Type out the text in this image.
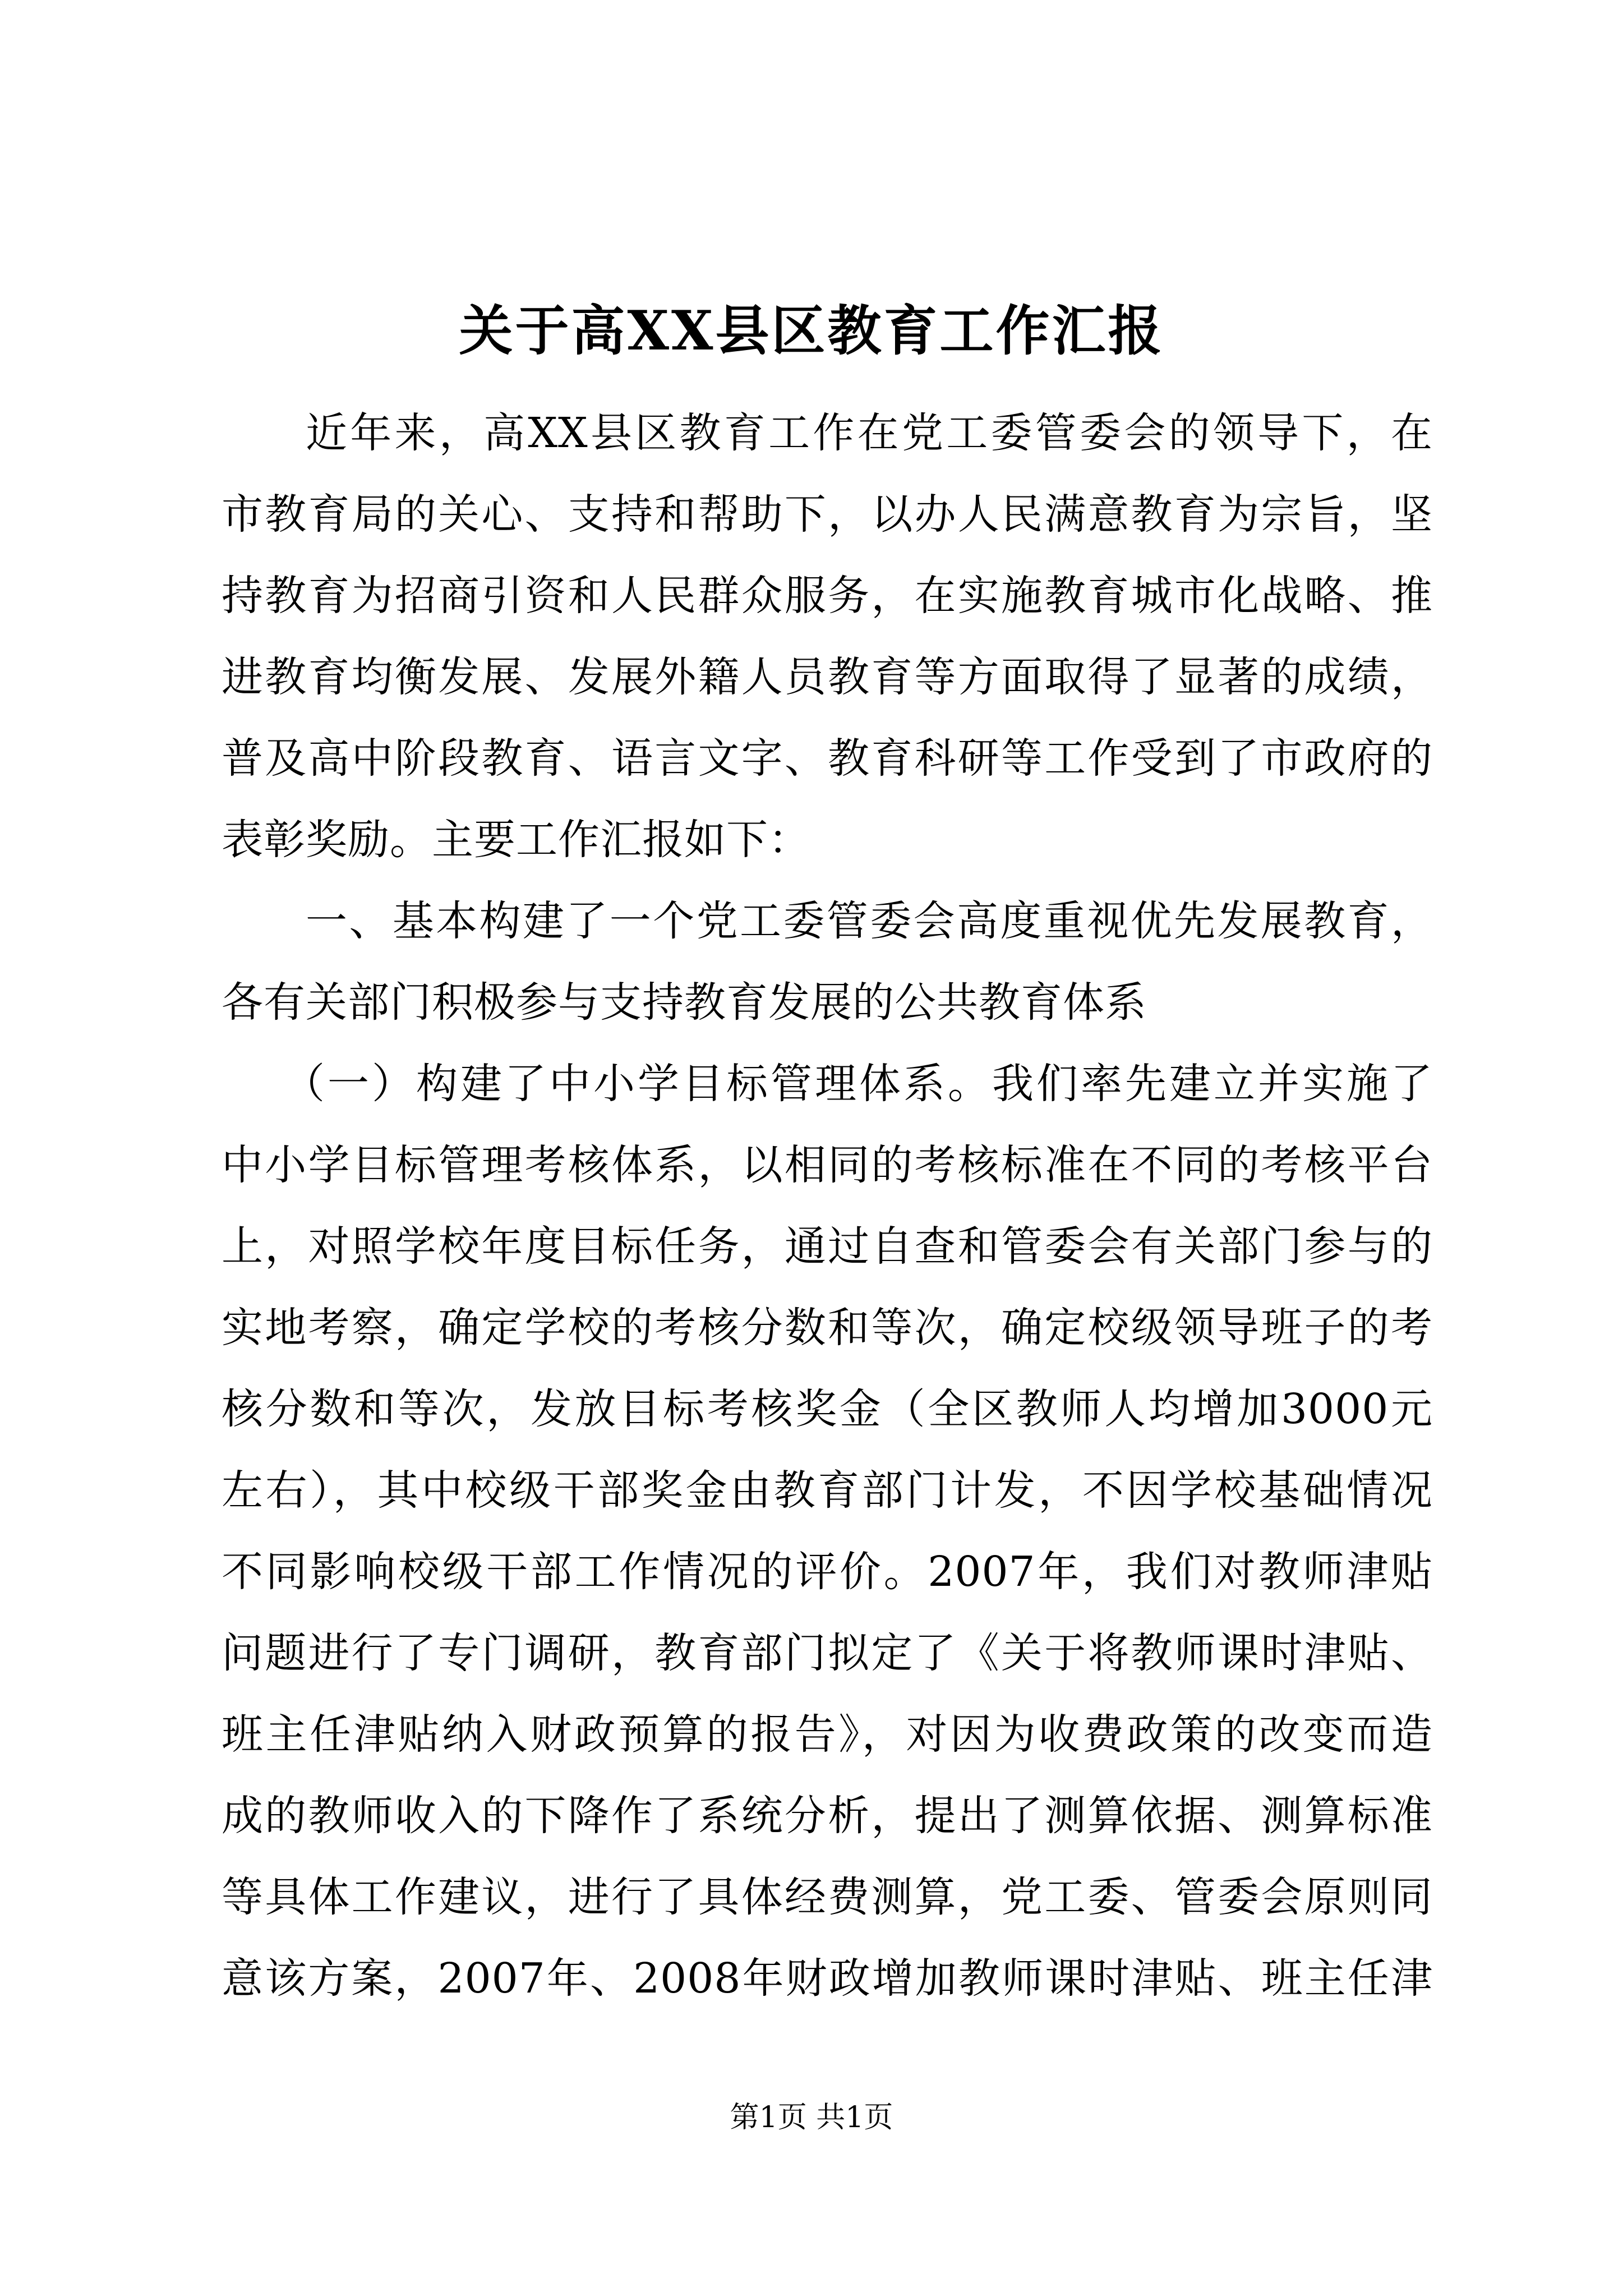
关于高XX县区教育工作汇报
近年来，高XX县区教育工作在党工委管委会的领导下，在
市教育局的关心、支持和帮助下，以办人民满意教育为宗旨，坚
持教育为招商引资和人民群众服务，在实施教育城市化战略、推
进教育均衡发展、发展外籍人员教育等方面取得了显著的成绩，
普及高中阶段教育、语言文字、教育科研等工作受到了市政府的
表彰奖励。主要工作汇报如下：
一、基本构建了一个党工委管委会高度重视优先发展教育，
各有关部门积极参与支持教育发展的公共教育体系
（一）构建了中小学目标管理体系。我们率先建立并实施了
中小学目标管理考核体系，以相同的考核标准在不同的考核平台
上，对照学校年度目标任务，通过自查和管委会有关部门参与的
实地考察，确定学校的考核分数和等次，确定校级领导班子的考
核分数和等次，发放目标考核奖金（全区教师人均增加3000元
左右），其中校级干部奖金由教育部门计发，不因学校基础情况
不同影响校级干部工作情况的评价。2007年，我们对教师津贴
问题进行了专门调研，教育部门拟定了《关于将教师课时津贴、
班主任津贴纳入财政预算的报告》，对因为收费政策的改变而造
成的教师收入的下降作了系统分析，提出了测算依据、测算标准
等具体工作建议，进行了具体经费测算，党工委、管委会原则同
意该方案，2007年、2008年财政增加教师课时津贴、班主任津
第1页 共1页
